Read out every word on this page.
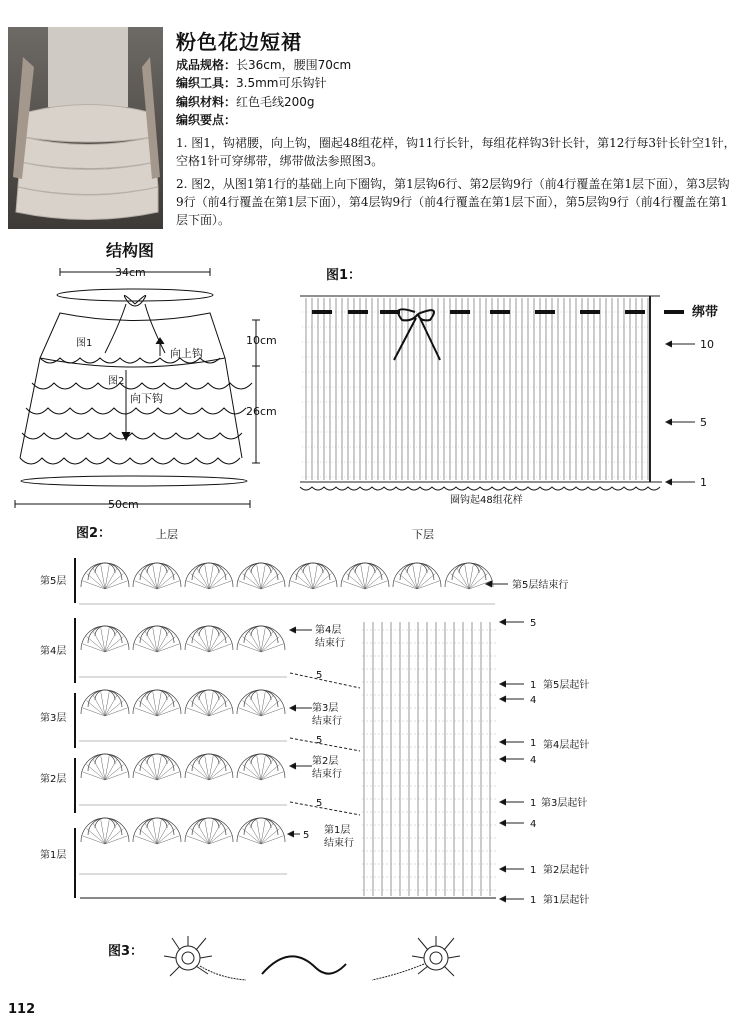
粉色花边短裙
成品规格：长36cm，腰围70cm
编织工具：3.5mm可乐钩针
编织材料：红色毛线200g
编织要点：
1. 图1，钩裙腰，向上钩，圈起48组花样，钩11行长针，每组花样钩3针长针，第12行每3针长针空1针，空格1针可穿绑带，绑带做法参照图3。
2. 图2，从图1第1行的基础上向下圈钩，第1层钩6行、第2层钩9行（前4行覆盖在第1层下面），第3层钩9行（前4行覆盖在第1层下面），第4层钩9行（前4行覆盖在第1层下面），第5层钩9行（前4行覆盖在第1层下面）。
结构图
34cm
图1
向上钩
图2
向下钩
10cm
26cm
50cm
图1：
绑带
10
5
1
圈钩起48组花样
图2：	上层	下层
第5层
第4层
第3层
第2层
第1层
第5层结束行
第4层
结束行
第3层
结束行
第2层
结束行
5 第1层
结束行
5
5
5
5
1 第5层起针
4
1 第4层起针
4
1 第3层起针
4
1 第2层起针
1 第1层起针
图3：
112
